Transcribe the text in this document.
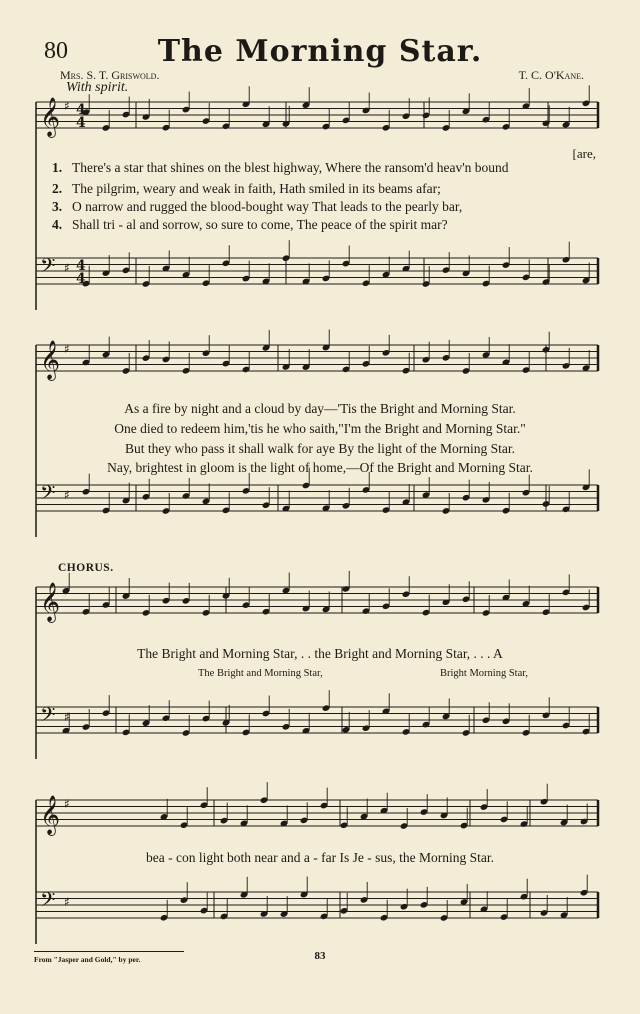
80	The Morning Star.
Mrs. S. T. Griswold.	T. C. O'Kane.
With spirit.
𝄞 ♯
𝄢 ♯
𝄞 ♯
𝄢 ♯
𝄞
𝄢 ♯
𝄞 ♯
𝄢 ♯
4
4
4
4
1. There's a star that shines on the blest highway, Where the ransom'd heav'n bound
[are,
2. The pilgrim, weary and weak in faith, Hath smiled in its beams afar;
3. O narrow and rugged the blood-bought way That leads to the pearly bar,
4. Shall tri - al and sorrow, so sure to come, The peace of the spirit mar?
As a fire by night and a cloud by day—'Tis the Bright and Morning Star.
One died to redeem him,'tis he who saith,"I'm the Bright and Morning Star."
But they who pass it shall walk for aye By the light of the Morning Star.
Nay, brightest in gloom is the light of home,—Of the Bright and Morning Star.
CHORUS.
The Bright and Morning Star, . . the Bright and Morning Star, . . . A
The Bright and Morning Star,	Bright Morning Star,
bea - con light both near and a - far Is Je - sus, the Morning Star.
From "Jasper and Gold," by per.	83
